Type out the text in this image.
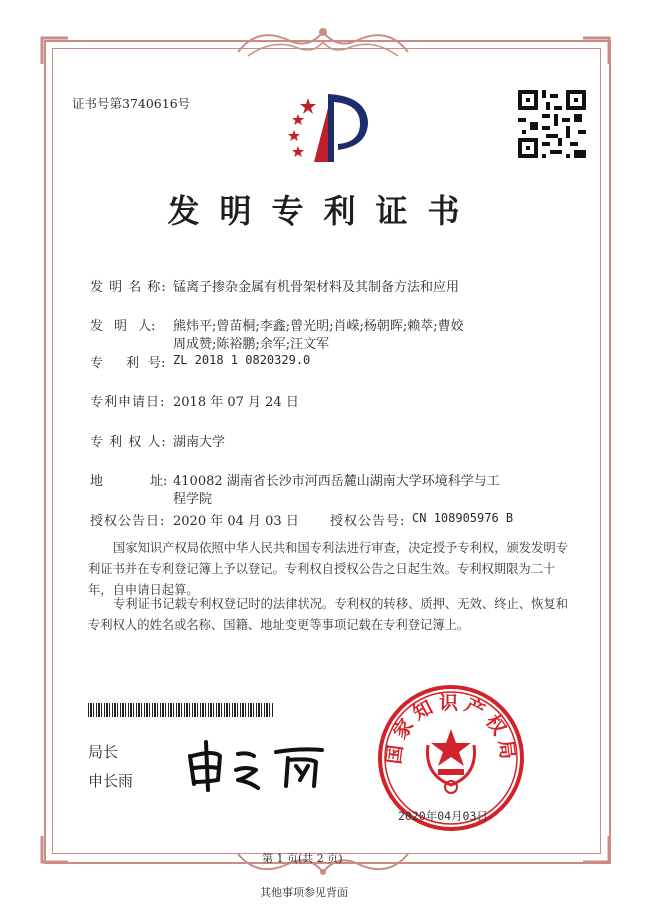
证书号第3740616号
发明专利证书
发 明 名 称: 锰离子掺杂金属有机骨架材料及其制备方法和应用
发 明 人: 熊炜平;曾苗桐;李鑫;曾光明;肖嵘;杨朝晖;赖萃;曹姣
周成赞;陈裕鹏;余军;汪文军
专 利 号: ZL 2018 1 0820329.0
专利申请日: 2018 年 07 月 24 日
专 利 权 人: 湖南大学
地	址: 410082 湖南省长沙市河西岳麓山湖南大学环境科学与工
程学院
授权公告日: 2020 年 04 月 03 日 授权公告号: CN 108905976 B
国家知识产权局依照中华人民共和国专利法进行审查，决定授予专利权，颁发发明专利证书并在专利登记簿上予以登记。专利权自授权公告之日起生效。专利权期限为二十年，自申请日起算。
专利证书记载专利权登记时的法律状况。专利权的转移、质押、无效、终止、恢复和专利权人的姓名或名称、国籍、地址变更等事项记载在专利登记簿上。
局长
申长雨
国家知识产权局
2020年04月03日
第 1 页(共 2 页)
其他事项参见背面
